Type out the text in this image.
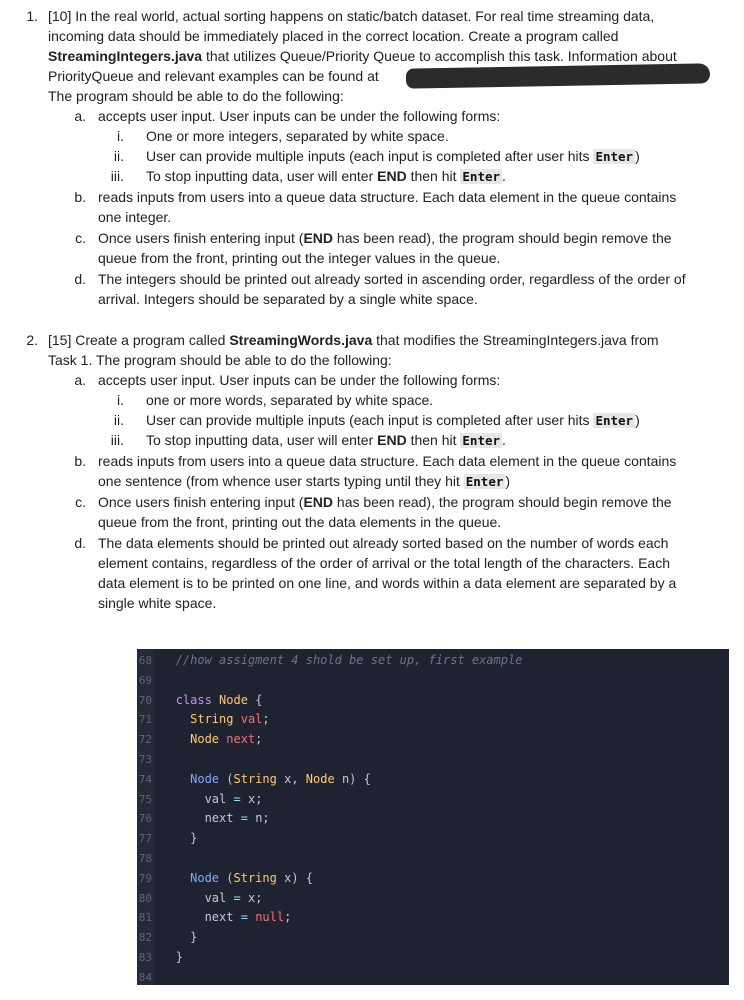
1. [10] In the real world, actual sorting happens on static/batch dataset. For real time streaming data,
incoming data should be immediately placed in the correct location. Create a program called
StreamingIntegers.java that utilizes Queue/Priority Queue to accomplish this task. Information about
PriorityQueue and relevant examples can be found at
The program should be able to do the following:
a. accepts user input. User inputs can be under the following forms:
i. One or more integers, separated by white space.
ii. User can provide multiple inputs (each input is completed after user hits Enter )
iii. To stop inputting data, user will enter END then hit Enter .
b. reads inputs from users into a queue data structure. Each data element in the queue contains
one integer.
c. Once users finish entering input (END has been read), the program should begin remove the
queue from the front, printing out the integer values in the queue.
d. The integers should be printed out already sorted in ascending order, regardless of the order of
arrival. Integers should be separated by a single white space.
2. [15] Create a program called StreamingWords.java that modifies the StreamingIntegers.java from
Task 1. The program should be able to do the following:
a. accepts user input. User inputs can be under the following forms:
i. one or more words, separated by white space.
ii. User can provide multiple inputs (each input is completed after user hits Enter )
iii. To stop inputting data, user will enter END then hit Enter .
b. reads inputs from users into a queue data structure. Each data element in the queue contains
one sentence (from whence user starts typing until they hit Enter )
c. Once users finish entering input (END has been read), the program should begin remove the
queue from the front, printing out the data elements in the queue.
d. The data elements should be printed out already sorted based on the number of words each
element contains, regardless of the order of arrival or the total length of the characters. Each
data element is to be printed on one line, and words within a data element are separated by a
single white space.
68 //how assigment 4 shold be set up, first example
69
70 class Node {
71	String val;
72	Node next;
73
74	Node (String x, Node n) {
75	val = x;
76	next = n;
77	}
78
79	Node (String x) {
80	val = x;
81	next = null;
82	}
83 }
84
